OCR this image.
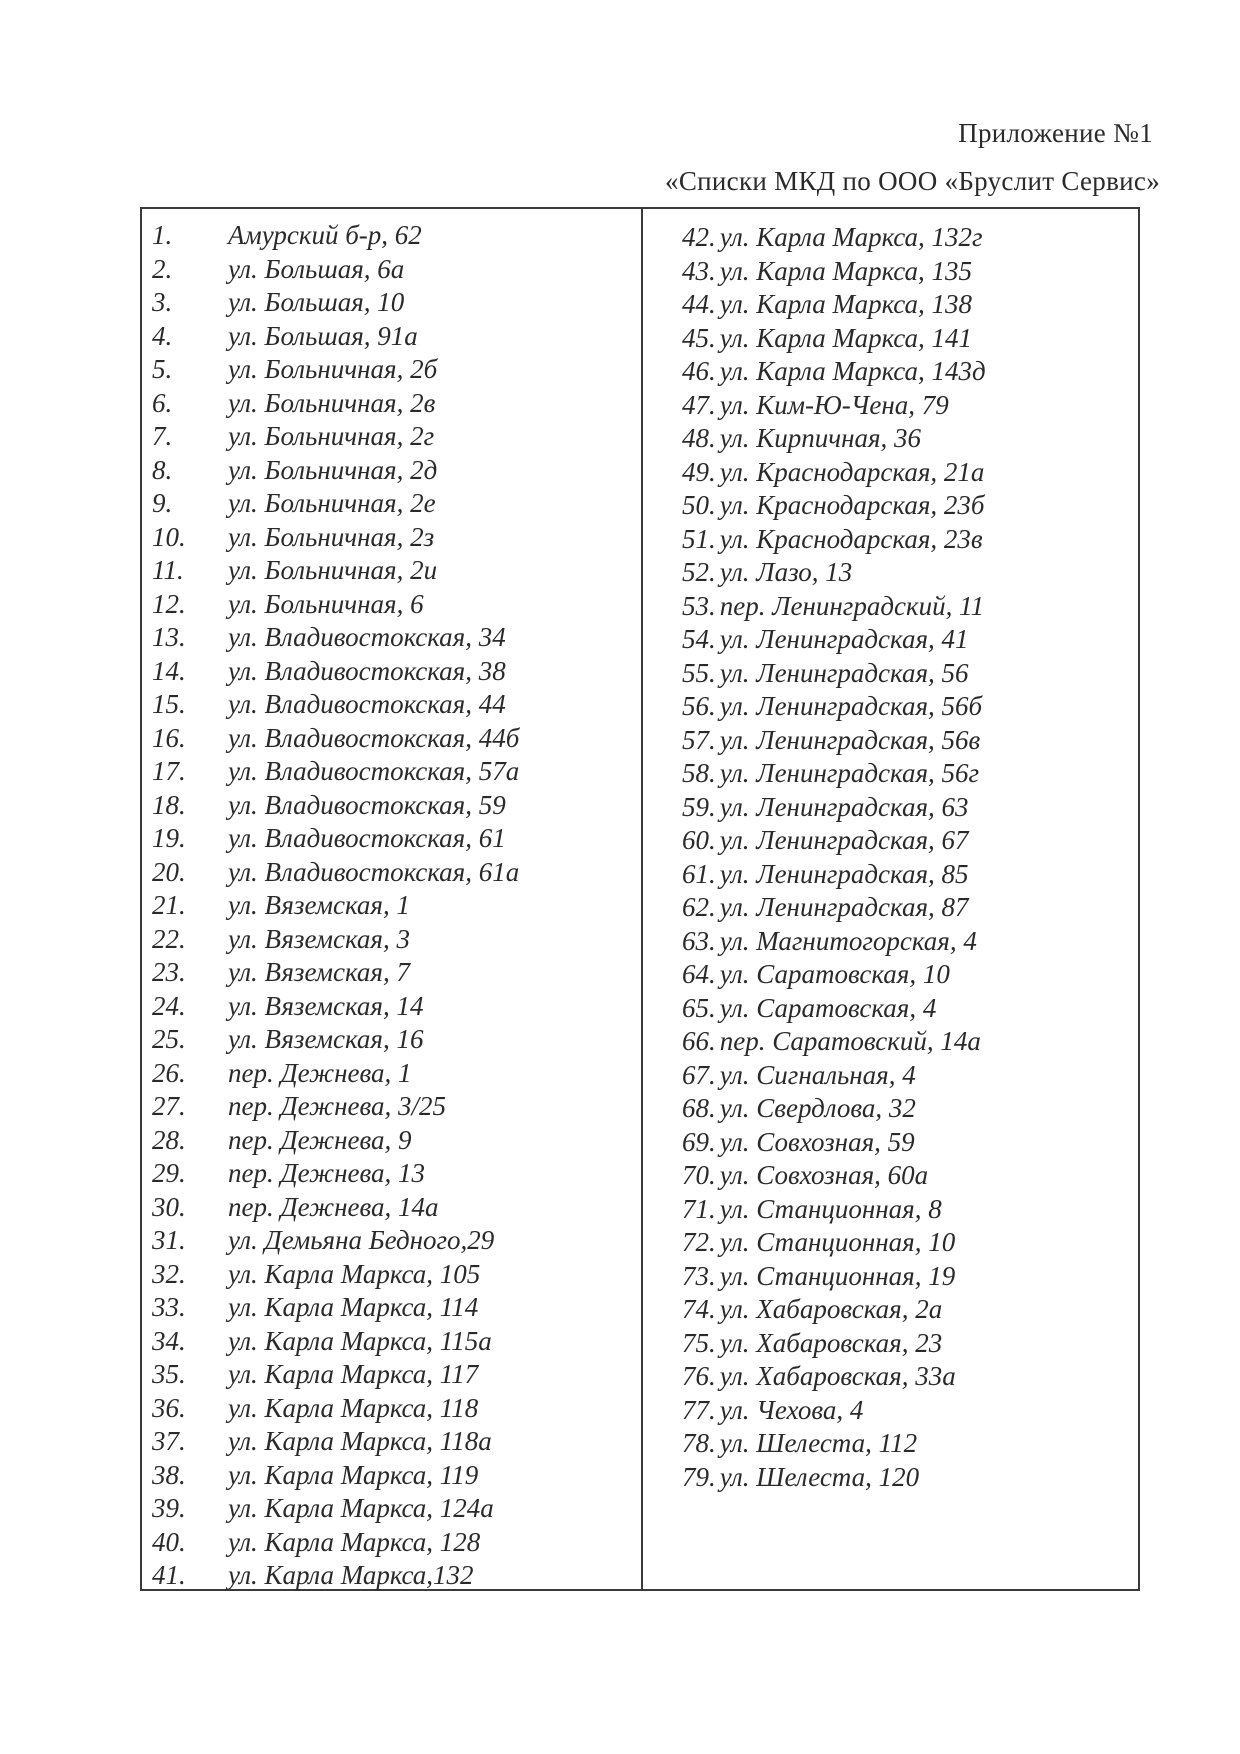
Приложение №1
«Списки МКД по ООО «Бруслит Сервис»
1. Амурский б-р, 62
2. ул. Большая, 6а
3. ул. Большая, 10
4. ул. Большая, 91а
5. ул. Больничная, 2б
6. ул. Больничная, 2в
7. ул. Больничная, 2г
8. ул. Больничная, 2д
9. ул. Больничная, 2е
10. ул. Больничная, 2з
11. ул. Больничная, 2и
12. ул. Больничная, 6
13. ул. Владивостокская, 34
14. ул. Владивостокская, 38
15. ул. Владивостокская, 44
16. ул. Владивостокская, 44б
17. ул. Владивостокская, 57а
18. ул. Владивостокская, 59
19. ул. Владивостокская, 61
20. ул. Владивостокская, 61а
21. ул. Вяземская, 1
22. ул. Вяземская, 3
23. ул. Вяземская, 7
24. ул. Вяземская, 14
25. ул. Вяземская, 16
26. пер. Дежнева, 1
27. пер. Дежнева, 3/25
28. пер. Дежнева, 9
29. пер. Дежнева, 13
30. пер. Дежнева, 14а
31. ул. Демьяна Бедного,29
32. ул. Карла Маркса, 105
33. ул. Карла Маркса, 114
34. ул. Карла Маркса, 115а
35. ул. Карла Маркса, 117
36. ул. Карла Маркса, 118
37. ул. Карла Маркса, 118а
38. ул. Карла Маркса, 119
39. ул. Карла Маркса, 124а
40. ул. Карла Маркса, 128
41. ул. Карла Маркса,132
42. ул. Карла Маркса, 132г
43. ул. Карла Маркса, 135
44. ул. Карла Маркса, 138
45. ул. Карла Маркса, 141
46. ул. Карла Маркса, 143д
47. ул. Ким-Ю-Чена, 79
48. ул. Кирпичная, 36
49. ул. Краснодарская, 21а
50. ул. Краснодарская, 23б
51. ул. Краснодарская, 23в
52. ул. Лазо, 13
53. пер. Ленинградский, 11
54. ул. Ленинградская, 41
55. ул. Ленинградская, 56
56. ул. Ленинградская, 56б
57. ул. Ленинградская, 56в
58. ул. Ленинградская, 56г
59. ул. Ленинградская, 63
60. ул. Ленинградская, 67
61. ул. Ленинградская, 85
62. ул. Ленинградская, 87
63. ул. Магнитогорская, 4
64. ул. Саратовская, 10
65. ул. Саратовская, 4
66. пер. Саратовский, 14а
67. ул. Сигнальная, 4
68. ул. Свердлова, 32
69. ул. Совхозная, 59
70. ул. Совхозная, 60а
71. ул. Станционная, 8
72. ул. Станционная, 10
73. ул. Станционная, 19
74. ул. Хабаровская, 2а
75. ул. Хабаровская, 23
76. ул. Хабаровская, 33а
77. ул. Чехова, 4
78. ул. Шелеста, 112
79. ул. Шелеста, 120
